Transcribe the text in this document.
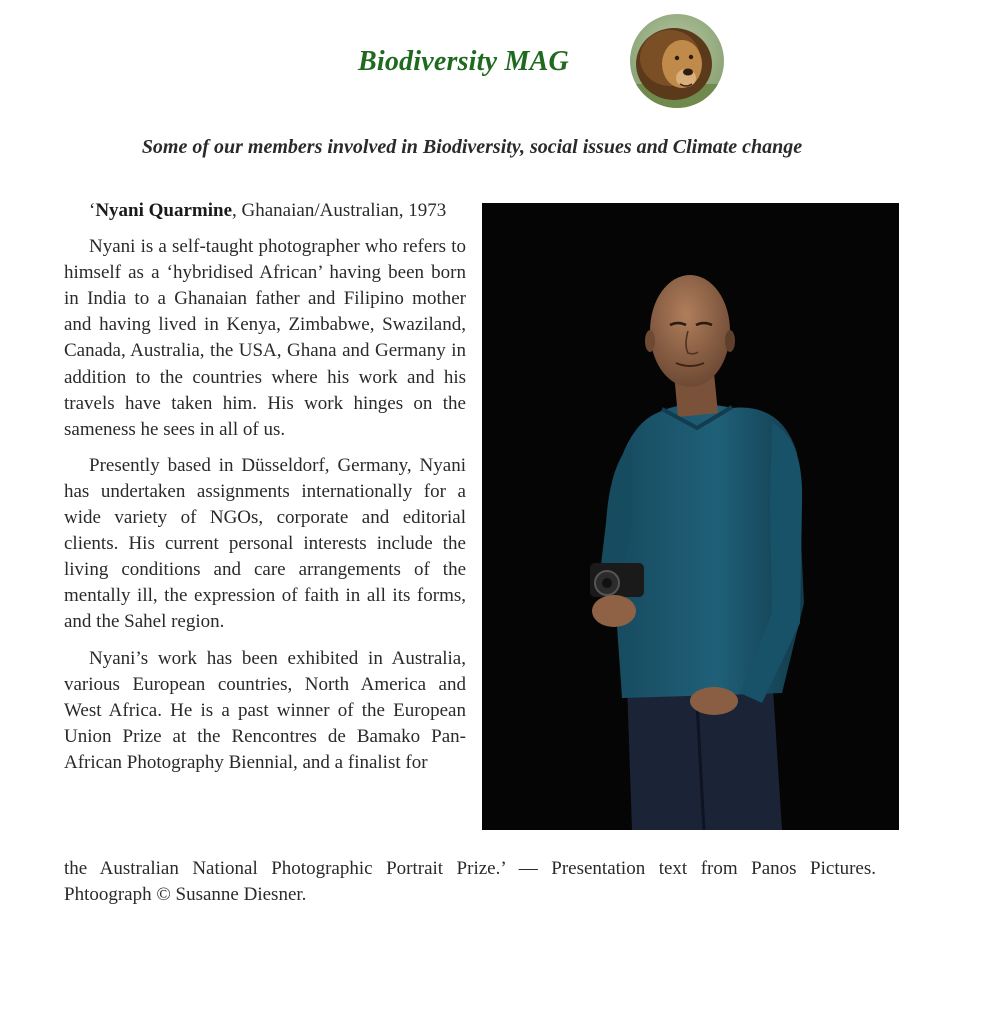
Biodiversity MAG
Some of our members involved in Biodiversity, social issues and Climate change

‘Nyani Quarmine, Ghanaian/Australian, 1973

Nyani is a self-taught photographer who refers to himself as a ‘hybridised African’ having been born in India to a Ghanaian father and Filipino mother and having lived in Kenya, Zimbabwe, Swaziland, Canada, Australia, the USA, Ghana and Germany in addition to the countries where his work and his travels have taken him. His work hinges on the sameness he sees in all of us.

Presently based in Düsseldorf, Germany, Nyani has undertaken assignments internationally for a wide variety of NGOs, corporate and editorial clients. His current personal interests include the living conditions and care arrangements of the mentally ill, the expression of faith in all its forms, and the Sahel region.

Nyani’s work has been exhibited in Australia, various European countries, North America and West Africa. He is a past winner of the European Union Prize at the Rencontres de Bamako Pan-African Photography Biennial, and a finalist for

the Australian National Photographic Portrait Prize.’ — Presentation text from Panos Pictures.
Phtoograph © Susanne Diesner.
